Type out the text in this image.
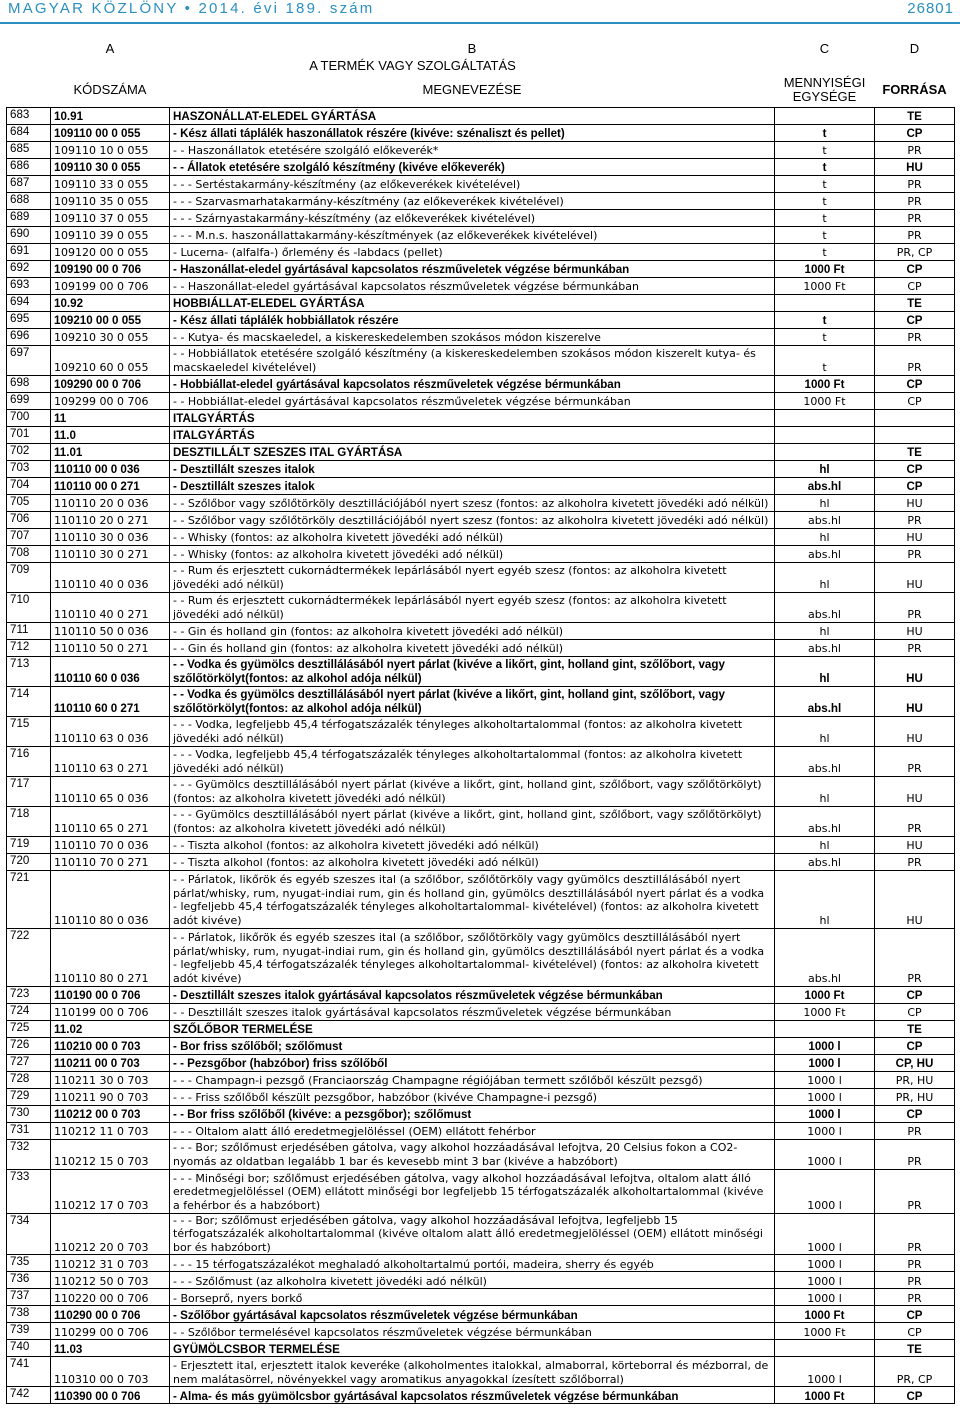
MAGYAR KÖZLÖNY • 2014. évi 189. szám	26801
	A	B	C	D
	A TERMÉK VAGY SZOLGÁLTATÁS			
	KÓDSZÁMA	MEGNEVEZÉSE	MENNYISÉGI EGYSÉGE	FORRÁSA
683	10.91	HASZONÁLLAT-ELEDEL GYÁRTÁSA		TE
684	109110 00 0 055	- Kész állati táplálék haszonállatok részére (kivéve: szénaliszt és pellet)	t	CP
685	109110 10 0 055	- - Haszonállatok etetésére szolgáló előkeverék*	t	PR
686	109110 30 0 055	- - Állatok etetésére szolgáló készítmény (kivéve előkeverék)	t	HU
687	109110 33 0 055	- - - Sertéstakarmány-készítmény (az előkeverékek kivételével)	t	PR
688	109110 35 0 055	- - - Szarvasmarhatakarmány-készítmény (az előkeverékek kivételével)	t	PR
689	109110 37 0 055	- - - Szárnyastakarmány-készítmény (az előkeverékek kivételével)	t	PR
690	109110 39 0 055	- - - M.n.s. haszonállattakarmány-készítmények (az előkeverékek kivételével)	t	PR
691	109120 00 0 055	- Lucerna- (alfalfa-) őrlemény és -labdacs (pellet)	t	PR, CP
692	109190 00 0 706	- Haszonállat-eledel gyártásával kapcsolatos részműveletek végzése bérmunkában	1000 Ft	CP
693	109199 00 0 706	- - Haszonállat-eledel gyártásával kapcsolatos részműveletek végzése bérmunkában	1000 Ft	CP
694	10.92	HOBBIÁLLAT-ELEDEL GYÁRTÁSA		TE
695	109210 00 0 055	- Kész állati táplálék hobbiállatok részére	t	CP
696	109210 30 0 055	- - Kutya- és macskaeledel, a kiskereskedelemben szokásos módon kiszerelve	t	PR
697	109210 60 0 055	- - Hobbiállatok etetésére szolgáló készítmény (a kiskereskedelemben szokásos módon kiszerelt kutya- és macskaeledel kivételével)	t	PR
698	109290 00 0 706	- Hobbiállat-eledel gyártásával kapcsolatos részműveletek végzése bérmunkában	1000 Ft	CP
699	109299 00 0 706	- - Hobbiállat-eledel gyártásával kapcsolatos részműveletek végzése bérmunkában	1000 Ft	CP
700	11	ITALGYÁRTÁS		
701	11.0	ITALGYÁRTÁS		
702	11.01	DESZTILLÁLT SZESZES ITAL GYÁRTÁSA		TE
703	110110 00 0 036	- Desztillált szeszes italok	hl	CP
704	110110 00 0 271	- Desztillált szeszes italok	abs.hl	CP
705	110110 20 0 036	- - Szőlőbor vagy szőlőtörköly desztillációjából nyert szesz (fontos: az alkoholra kivetett jövedéki adó nélkül)	hl	HU
706	110110 20 0 271	- - Szőlőbor vagy szőlőtörköly desztillációjából nyert szesz (fontos: az alkoholra kivetett jövedéki adó nélkül)	abs.hl	PR
707	110110 30 0 036	- - Whisky (fontos: az alkoholra kivetett jövedéki adó nélkül)	hl	HU
708	110110 30 0 271	- - Whisky (fontos: az alkoholra kivetett jövedéki adó nélkül)	abs.hl	PR
709	110110 40 0 036	- - Rum és erjesztett cukornádtermékek lepárlásából nyert egyéb szesz (fontos: az alkoholra kivetett jövedéki adó nélkül)	hl	HU
710	110110 40 0 271	- - Rum és erjesztett cukornádtermékek lepárlásából nyert egyéb szesz (fontos: az alkoholra kivetett jövedéki adó nélkül)	abs.hl	PR
711	110110 50 0 036	- - Gin és holland gin (fontos: az alkoholra kivetett jövedéki adó nélkül)	hl	HU
712	110110 50 0 271	- - Gin és holland gin (fontos: az alkoholra kivetett jövedéki adó nélkül)	abs.hl	PR
713	110110 60 0 036	- - Vodka és gyümölcs desztillálásából nyert párlat (kivéve a likőrt, gint, holland gint, szőlőbort, vagy szőlőtörkölyt(fontos: az alkohol adója nélkül)	hl	HU
714	110110 60 0 271	- - Vodka és gyümölcs desztillálásából nyert párlat (kivéve a likőrt, gint, holland gint, szőlőbort, vagy szőlőtörkölyt(fontos: az alkohol adója nélkül)	abs.hl	HU
715	110110 63 0 036	- - - Vodka, legfeljebb 45,4 térfogatszázalék tényleges alkoholtartalommal (fontos: az alkoholra kivetett jövedéki adó nélkül)	hl	HU
716	110110 63 0 271	- - - Vodka, legfeljebb 45,4 térfogatszázalék tényleges alkoholtartalommal (fontos: az alkoholra kivetett jövedéki adó nélkül)	abs.hl	PR
717	110110 65 0 036	- - - Gyümölcs desztillálásából nyert párlat (kivéve a likőrt, gint, holland gint, szőlőbort, vagy szőlőtörkölyt) (fontos: az alkoholra kivetett jövedéki adó nélkül)	hl	HU
718	110110 65 0 271	- - - Gyümölcs desztillálásából nyert párlat (kivéve a likőrt, gint, holland gint, szőlőbort, vagy szőlőtörkölyt) (fontos: az alkoholra kivetett jövedéki adó nélkül)	abs.hl	PR
719	110110 70 0 036	- - Tiszta alkohol (fontos: az alkoholra kivetett jövedéki adó nélkül)	hl	HU
720	110110 70 0 271	- - Tiszta alkohol (fontos: az alkoholra kivetett jövedéki adó nélkül)	abs.hl	PR
721	110110 80 0 036	- - Párlatok, likőrök és egyéb szeszes ital (a szőlőbor, szőlőtörköly vagy gyümölcs desztillálásából nyert párlat/whisky, rum, nyugat-indiai rum, gin és holland gin, gyümölcs desztillálásából nyert párlat és a vodka - legfeljebb 45,4 térfogatszázalék tényleges alkoholtartalommal- kivételével) (fontos: az alkoholra kivetett adót kivéve)	hl	HU
722	110110 80 0 271	- - Párlatok, likőrök és egyéb szeszes ital (a szőlőbor, szőlőtörköly vagy gyümölcs desztillálásából nyert párlat/whisky, rum, nyugat-indiai rum, gin és holland gin, gyümölcs desztillálásából nyert párlat és a vodka - legfeljebb 45,4 térfogatszázalék tényleges alkoholtartalommal- kivételével) (fontos: az alkoholra kivetett adót kivéve)	abs.hl	PR
723	110190 00 0 706	- Desztillált szeszes italok gyártásával kapcsolatos részműveletek végzése bérmunkában	1000 Ft	CP
724	110199 00 0 706	- - Desztillált szeszes italok gyártásával kapcsolatos részműveletek végzése bérmunkában	1000 Ft	CP
725	11.02	SZŐLŐBOR TERMELÉSE		TE
726	110210 00 0 703	- Bor friss szőlőből; szőlőmust	1000 l	CP
727	110211 00 0 703	- - Pezsgőbor (habzóbor) friss szőlőből	1000 l	CP, HU
728	110211 30 0 703	- - - Champagn-i pezsgő (Franciaország Champagne régiójában termett szőlőből készült pezsgő)	1000 l	PR, HU
729	110211 90 0 703	- - - Friss szőlőből készült pezsgőbor, habzóbor (kivéve Champagne-i pezsgő)	1000 l	PR, HU
730	110212 00 0 703	- - Bor friss szőlőből (kivéve: a pezsgőbor); szőlőmust	1000 l	CP
731	110212 11 0 703	- - - Oltalom alatt álló eredetmegjelöléssel (OEM) ellátott fehérbor	1000 l	PR
732	110212 15 0 703	- - - Bor; szőlőmust erjedésében gátolva, vagy alkohol hozzáadásával lefojtva, 20 Celsius fokon a CO2-nyomás az oldatban legalább 1 bar és kevesebb mint 3 bar (kivéve a habzóbort)	1000 l	PR
733	110212 17 0 703	- - - Minőségi bor; szőlőmust erjedésében gátolva, vagy alkohol hozzáadásával lefojtva, oltalom alatt álló eredetmegjelöléssel (OEM) ellátott minőségi bor legfeljebb 15 térfogatszázalék alkoholtartalommal (kivéve a fehérbor és a habzóbort)	1000 l	PR
734	110212 20 0 703	- - - Bor; szőlőmust erjedésében gátolva, vagy alkohol hozzáadásával lefojtva, legfeljebb 15 térfogatszázalék alkoholtartalommal (kivéve oltalom alatt álló eredetmegjelöléssel (OEM) ellátott minőségi bor és habzóbort)	1000 l	PR
735	110212 31 0 703	- - - 15 térfogatszázalékot meghaladó alkoholtartalmú portói, madeira, sherry és egyéb	1000 l	PR
736	110212 50 0 703	- - - Szőlőmust (az alkoholra kivetett jövedéki adó nélkül)	1000 l	PR
737	110220 00 0 706	- Borseprő, nyers borkő	1000 l	PR
738	110290 00 0 706	- Szőlőbor gyártásával kapcsolatos részműveletek végzése bérmunkában	1000 Ft	CP
739	110299 00 0 706	- - Szőlőbor termelésével kapcsolatos részműveletek végzése bérmunkában	1000 Ft	CP
740	11.03	GYÜMÖLCSBOR TERMELÉSE		TE
741	110310 00 0 703	- Erjesztett ital, erjesztett italok keveréke (alkoholmentes italokkal, almaborral, körteborral és mézborral, de nem malátasörrel, növényekkel vagy aromatikus anyagokkal ízesített szőlőborral)	1000 l	PR, CP
742	110390 00 0 706	- Alma- és más gyümölcsbor gyártásával kapcsolatos részműveletek végzése bérmunkában	1000 Ft	CP
